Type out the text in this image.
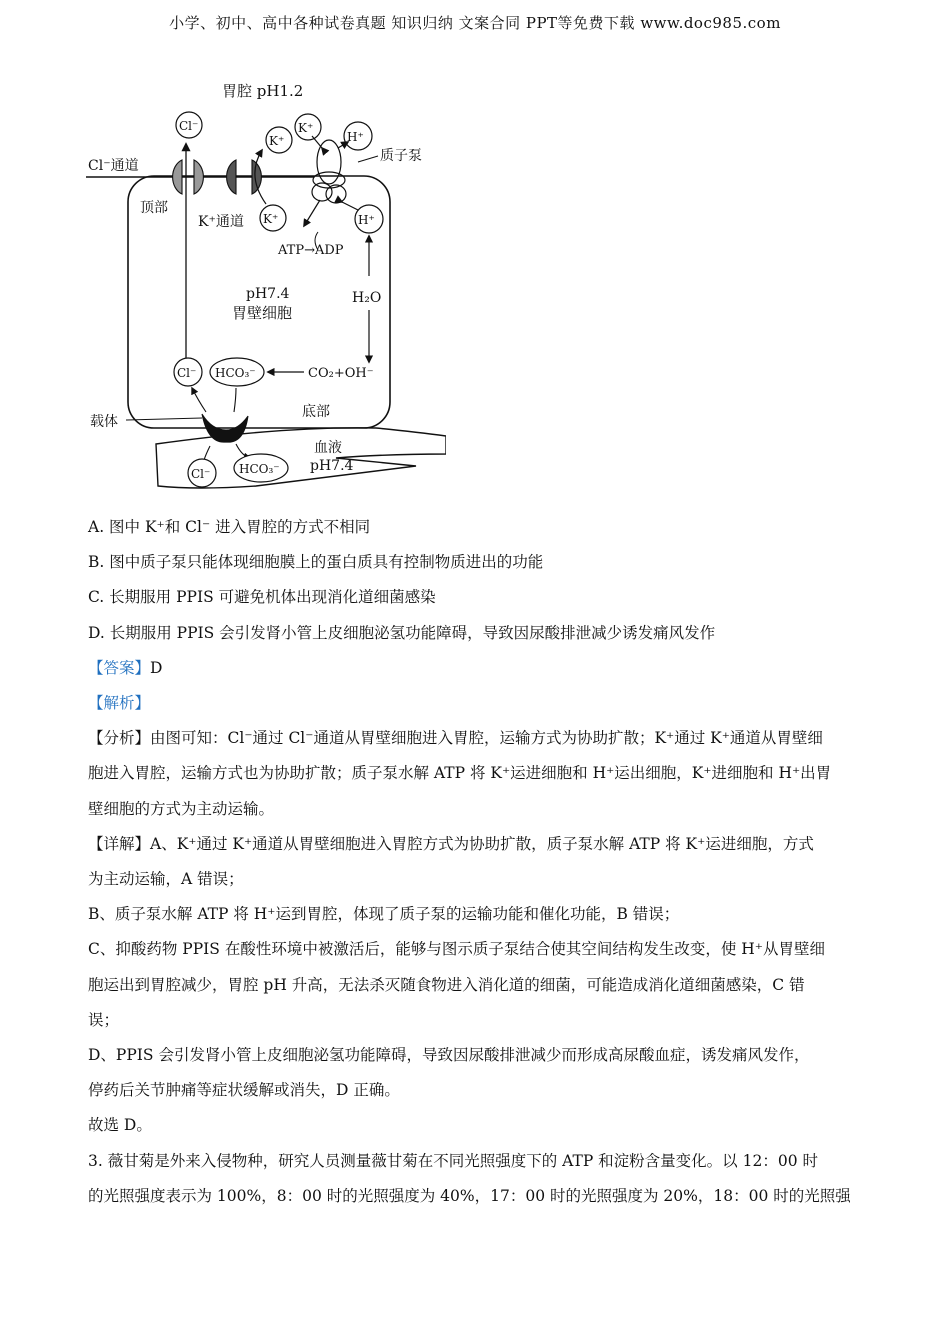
小学、初中、高中各种试卷真题 知识归纳 文案合同 PPT等免费下载 www.doc985.com
胃腔 pH1.2
Cl⁻
Cl⁻通道
顶部
K⁺
K⁺
K⁺
K⁺通道
H⁺
H⁺
质子泵
ATP→ADP
pH7.4
胃壁细胞
H₂O
Cl⁻ HCO₃⁻	CO₂+OH⁻
载体
底部
血液
pH7.4
Cl⁻ HCO₃⁻
A. 图中 K⁺和 Cl⁻ 进入胃腔的方式不相同
B. 图中质子泵只能体现细胞膜上的蛋白质具有控制物质进出的功能
C. 长期服用 PPIS 可避免机体出现消化道细菌感染
D. 长期服用 PPIS 会引发肾小管上皮细胞泌氢功能障碍，导致因尿酸排泄减少诱发痛风发作
【答案】D
【解析】
【分析】由图可知：Cl⁻通过 Cl⁻通道从胃壁细胞进入胃腔，运输方式为协助扩散；K⁺通过 K⁺通道从胃壁细
胞进入胃腔，运输方式也为协助扩散；质子泵水解 ATP 将 K⁺运进细胞和 H⁺运出细胞，K⁺进细胞和 H⁺出胃
壁细胞的方式为主动运输。
【详解】A、K⁺通过 K⁺通道从胃壁细胞进入胃腔方式为协助扩散，质子泵水解 ATP 将 K⁺运进细胞，方式
为主动运输，A 错误；
B、质子泵水解 ATP 将 H⁺运到胃腔，体现了质子泵的运输功能和催化功能，B 错误；
C、抑酸药物 PPIS 在酸性环境中被激活后，能够与图示质子泵结合使其空间结构发生改变，使 H⁺从胃壁细
胞运出到胃腔减少，胃腔 pH 升高，无法杀灭随食物进入消化道的细菌，可能造成消化道细菌感染，C 错
误；
D、PPIS 会引发肾小管上皮细胞泌氢功能障碍，导致因尿酸排泄减少而形成高尿酸血症，诱发痛风发作，
停药后关节肿痛等症状缓解或消失，D 正确。
故选 D。
3. 薇甘菊是外来入侵物种，研究人员测量薇甘菊在不同光照强度下的 ATP 和淀粉含量变化。以 12：00 时
的光照强度表示为 100%，8：00 时的光照强度为 40%，17：00 时的光照强度为 20%，18：00 时的光照强
